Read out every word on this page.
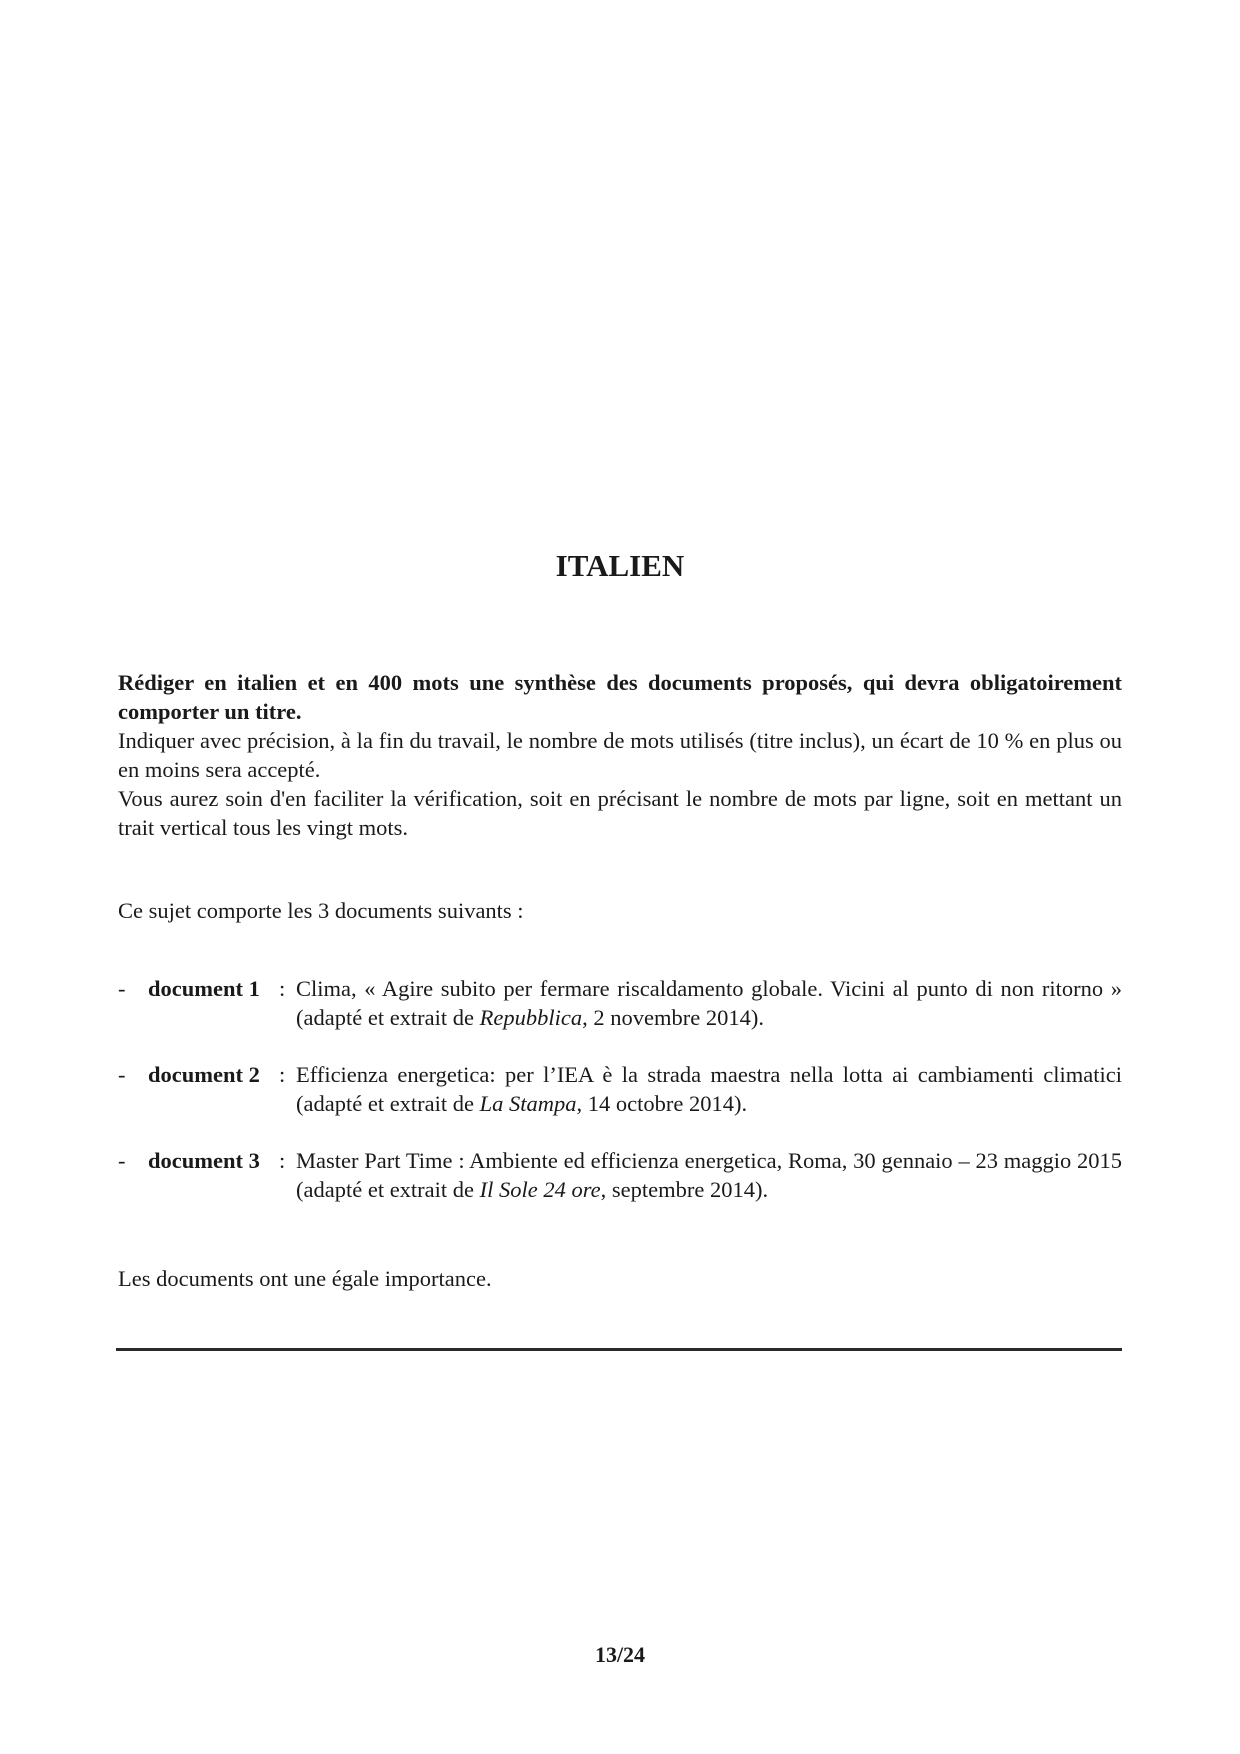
ITALIEN

Rédiger en italien et en 400 mots une synthèse des documents proposés, qui devra obligatoirement comporter un titre.

Indiquer avec précision, à la fin du travail, le nombre de mots utilisés (titre inclus), un écart de 10 % en plus ou en moins sera accepté.

Vous aurez soin d'en faciliter la vérification, soit en précisant le nombre de mots par ligne, soit en mettant un trait vertical tous les vingt mots.

Ce sujet comporte les 3 documents suivants :

- document 1 : Clima, « Agire subito per fermare riscaldamento globale. Vicini al punto di non ritorno » (adapté et extrait de Repubblica, 2 novembre 2014).
- document 2 : Efficienza energetica: per l’IEA è la strada maestra nella lotta ai cambiamenti climatici (adapté et extrait de La Stampa, 14 octobre 2014).
- document 3 : Master Part Time : Ambiente ed efficienza energetica, Roma, 30 gennaio – 23 maggio 2015 (adapté et extrait de Il Sole 24 ore, septembre 2014).

Les documents ont une égale importance.

13/24
